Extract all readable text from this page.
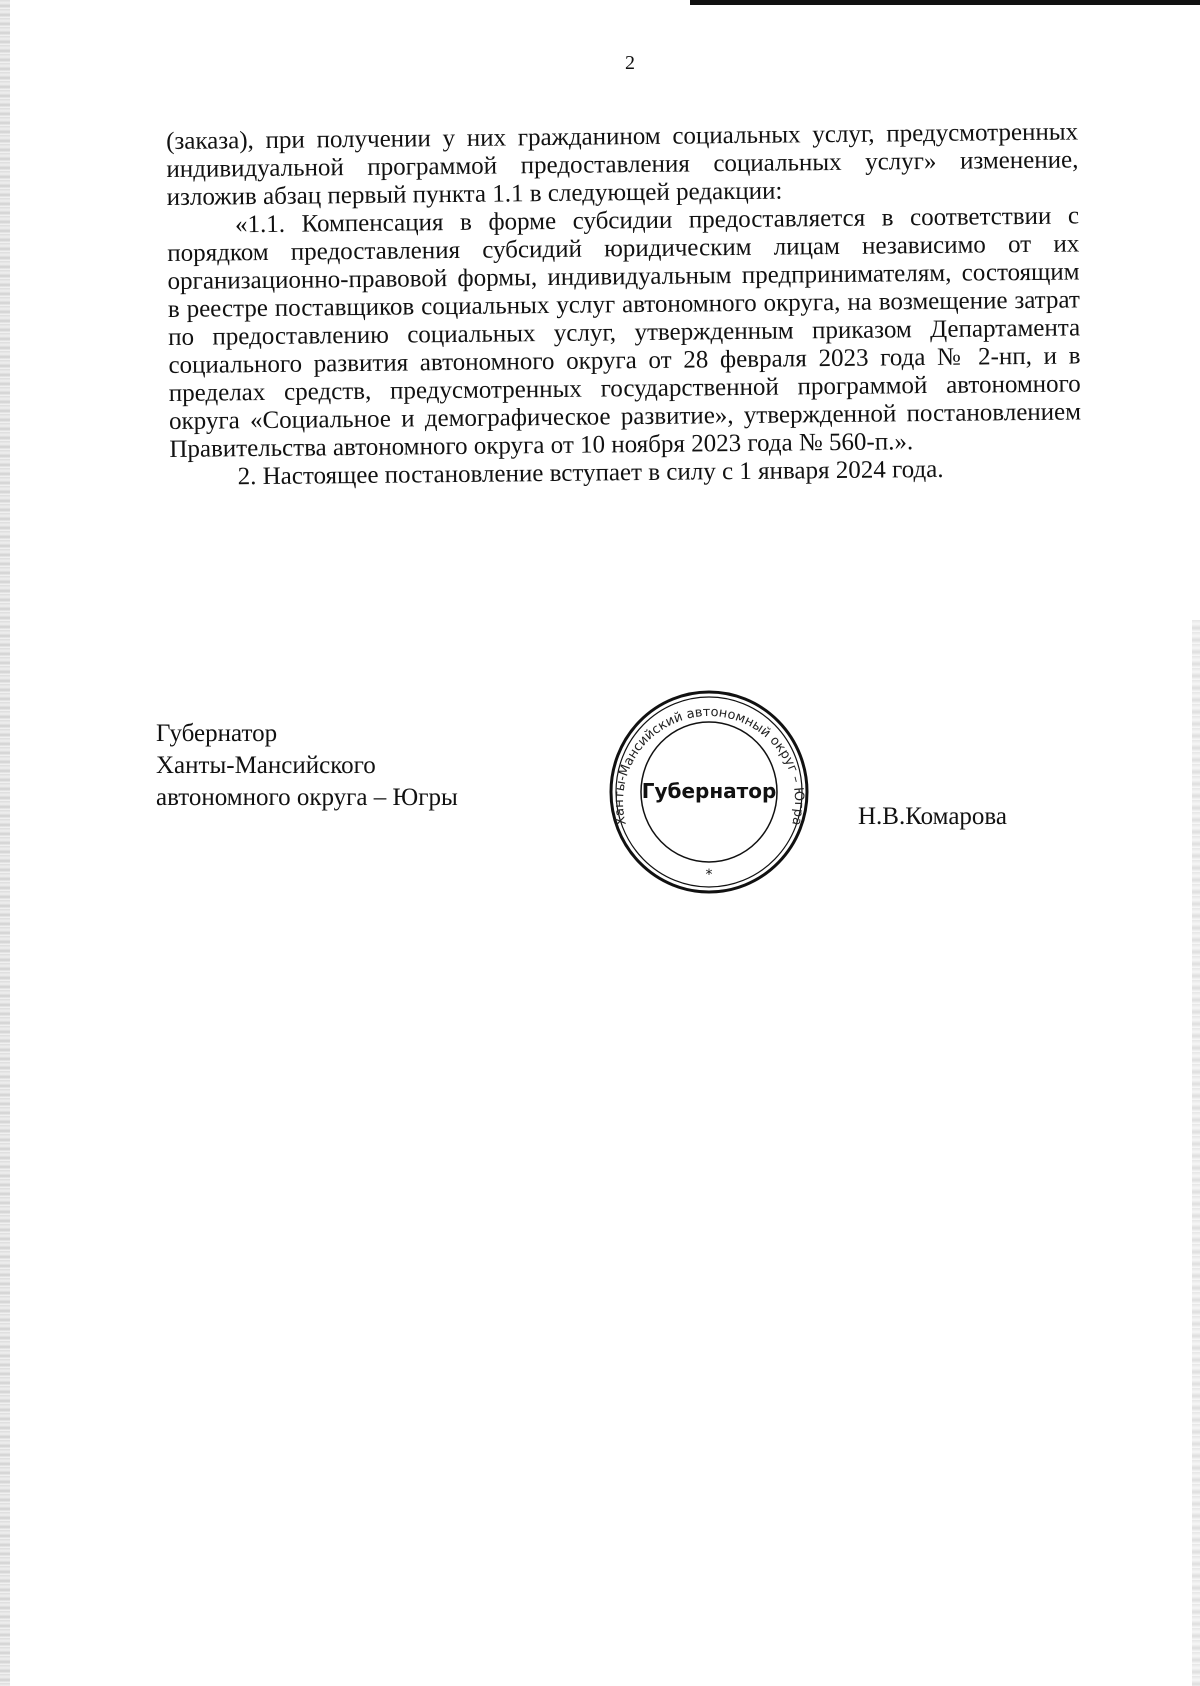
2

(заказа), при получении у них гражданином социальных услуг, предусмотренных индивидуальной программой предоставления социальных услуг» изменение, изложив абзац первый пункта 1.1 в следующей редакции:

«1.1. Компенсация в форме субсидии предоставляется в соответствии с порядком предоставления субсидий юридическим лицам независимо от их организационно-правовой формы, индивидуальным предпринимателям, состоящим в реестре поставщиков социальных услуг автономного округа, на возмещение затрат по предоставлению социальных услуг, утвержденным приказом Департамента социального развития автономного округа от 28 февраля 2023 года № 2-нп, и в пределах средств, предусмотренных государственной программой автономного округа «Социальное и демографическое развитие», утвержденной постановлением Правительства автономного округа от 10 ноября 2023 года № 560-п.».

2. Настоящее постановление вступает в силу с 1 января 2024 года.

Губернатор
Ханты-Мансийского
автономного округа – Югры
Ханты-Мансийский автономный округ – Югра
Губернатор
*
Н.В.Комарова
